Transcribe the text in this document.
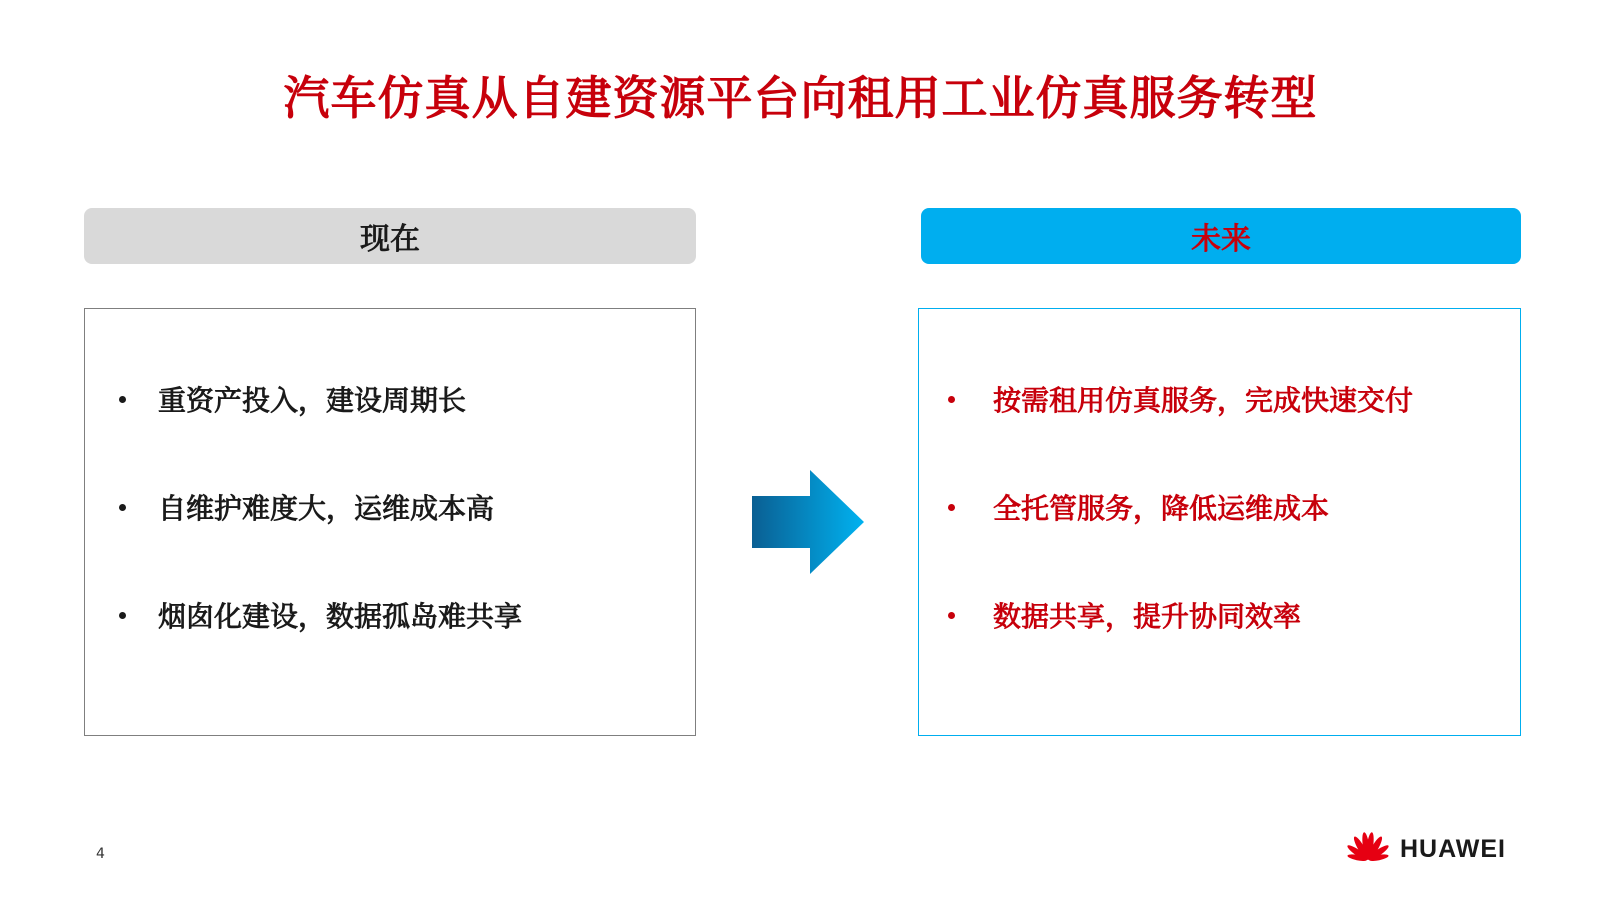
汽车仿真从自建资源平台向租用工业仿真服务转型
现在	未来
重资产投入，建设周期长
自维护难度大，运维成本高
烟囱化建设，数据孤岛难共享
按需租用仿真服务，完成快速交付
全托管服务，降低运维成本
数据共享，提升协同效率
4	HUAWEI
